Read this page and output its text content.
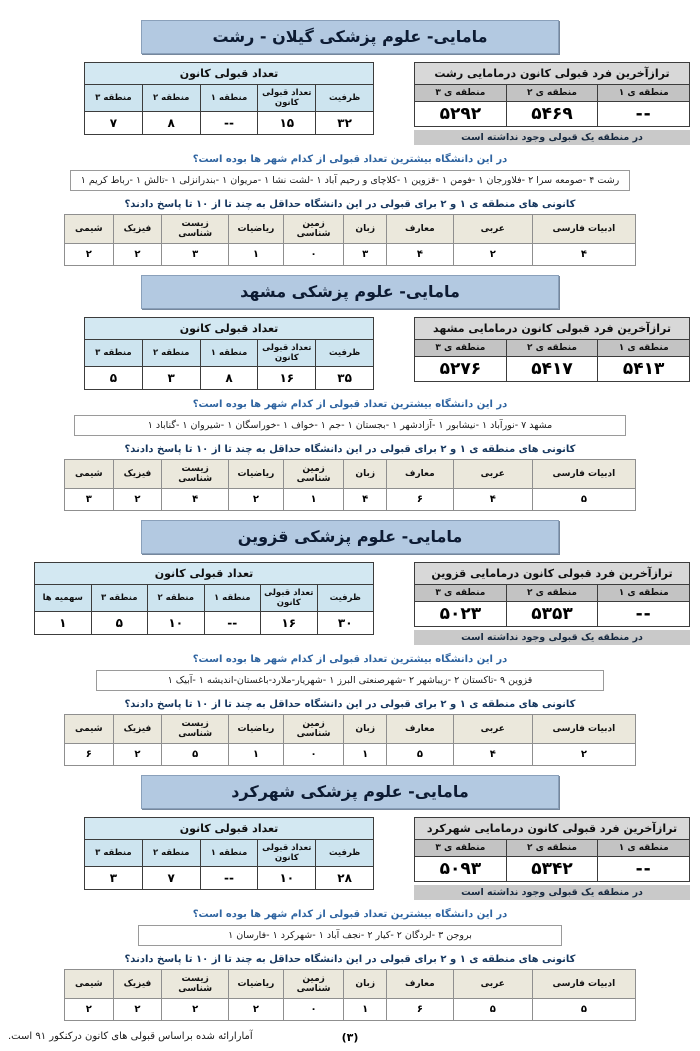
مامایی- علوم پزشکی گیلان - رشت
ترازآخرین فرد قبولی کانون درمامایی رشت		
منطقه ی ۱	منطقه ی ۲	منطقه ی ۳
--	۵۴۶۹	۵۲۹۲
در منطقه یک قبولی وجود نداشته است
تعداد قبولی کانون				
ظرفیت	تعداد قبولی کانون	منطقه ۱	منطقه ۲	منطقه ۳
۳۲	۱۵	--	۸	۷
در این دانشگاه بیشترین تعداد قبولی از کدام شهر ها بوده است؟
رشت ۴ -صومعه سرا ۲ -فلاورجان ۱ -فومن ۱ -قزوین ۱ -کلاچای و رحیم آباد ۱ -لشت نشا ۱ -مریوان ۱ -بندرانزلی ۱ -تالش ۱ -رباط کریم ۱
کانونی های منطقه ی ۱ و ۲ برای قبولی در این دانشگاه حداقل به چند تا از ۱۰ تا پاسخ دادند؟
ادبیات فارسی	عربی	معارف	زبان	زمین شناسی	ریاضیات	زیست شناسی	فیزیک	شیمی
۴	۲	۴	۳	۰	۱	۳	۲	۲
مامایی- علوم پزشکی مشهد
ترازآخرین فرد قبولی کانون درمامایی مشهد		
منطقه ی ۱	منطقه ی ۲	منطقه ی ۳
۵۴۱۳	۵۴۱۷	۵۲۷۶
تعداد قبولی کانون				
ظرفیت	تعداد قبولی کانون	منطقه ۱	منطقه ۲	منطقه ۳
۳۵	۱۶	۸	۳	۵
در این دانشگاه بیشترین تعداد قبولی از کدام شهر ها بوده است؟
مشهد ۷ -نورآباد ۱ -نیشابور ۱ -آزادشهر ۱ -بجستان ۱ -جم ۱ -خواف ۱ -خوراسگان ۱ -شیروان ۱ -گناباد ۱
کانونی های منطقه ی ۱ و ۲ برای قبولی در این دانشگاه حداقل به چند تا از ۱۰ تا پاسخ دادند؟
ادبیات فارسی	عربی	معارف	زبان	زمین شناسی	ریاضیات	زیست شناسی	فیزیک	شیمی
۵	۴	۶	۴	۱	۲	۴	۲	۳
مامایی- علوم پزشکی قزوین
ترازآخرین فرد قبولی کانون درمامایی قزوین		
منطقه ی ۱	منطقه ی ۲	منطقه ی ۳
--	۵۳۵۳	۵۰۲۳
در منطقه یک قبولی وجود نداشته است
تعداد قبولی کانون					
ظرفیت	تعداد قبولی کانون	منطقه ۱	منطقه ۲	منطقه ۳	سهمیه ها
۳۰	۱۶	--	۱۰	۵	۱
در این دانشگاه بیشترین تعداد قبولی از کدام شهر ها بوده است؟
قزوین ۹ -تاکستان ۲ -زیباشهر ۲ -شهرصنعتی البرز ۱ -شهریار-ملارد-باغستان-اندیشه ۱ -آبیک ۱
کانونی های منطقه ی ۱ و ۲ برای قبولی در این دانشگاه حداقل به چند تا از ۱۰ تا پاسخ دادند؟
ادبیات فارسی	عربی	معارف	زبان	زمین شناسی	ریاضیات	زیست شناسی	فیزیک	شیمی
۲	۴	۵	۱	۰	۱	۵	۲	۶
مامایی- علوم پزشکی شهرکرد
ترازآخرین فرد قبولی کانون درمامایی شهرکرد		
منطقه ی ۱	منطقه ی ۲	منطقه ی ۳
--	۵۳۴۲	۵۰۹۳
در منطقه یک قبولی وجود نداشته است
تعداد قبولی کانون				
ظرفیت	تعداد قبولی کانون	منطقه ۱	منطقه ۲	منطقه ۳
۲۸	۱۰	--	۷	۳
در این دانشگاه بیشترین تعداد قبولی از کدام شهر ها بوده است؟
بروجن ۳ -لردگان ۲ -کیار ۲ -نجف آباد ۱ -شهرکرد ۱ -فارسان ۱
کانونی های منطقه ی ۱ و ۲ برای قبولی در این دانشگاه حداقل به چند تا از ۱۰ تا پاسخ دادند؟
ادبیات فارسی	عربی	معارف	زبان	زمین شناسی	ریاضیات	زیست شناسی	فیزیک	شیمی
۵	۵	۶	۱	۰	۲	۲	۲	۲
(۳)
آمارارائه شده براساس قبولی های کانون درکنکور ۹۱ است.
